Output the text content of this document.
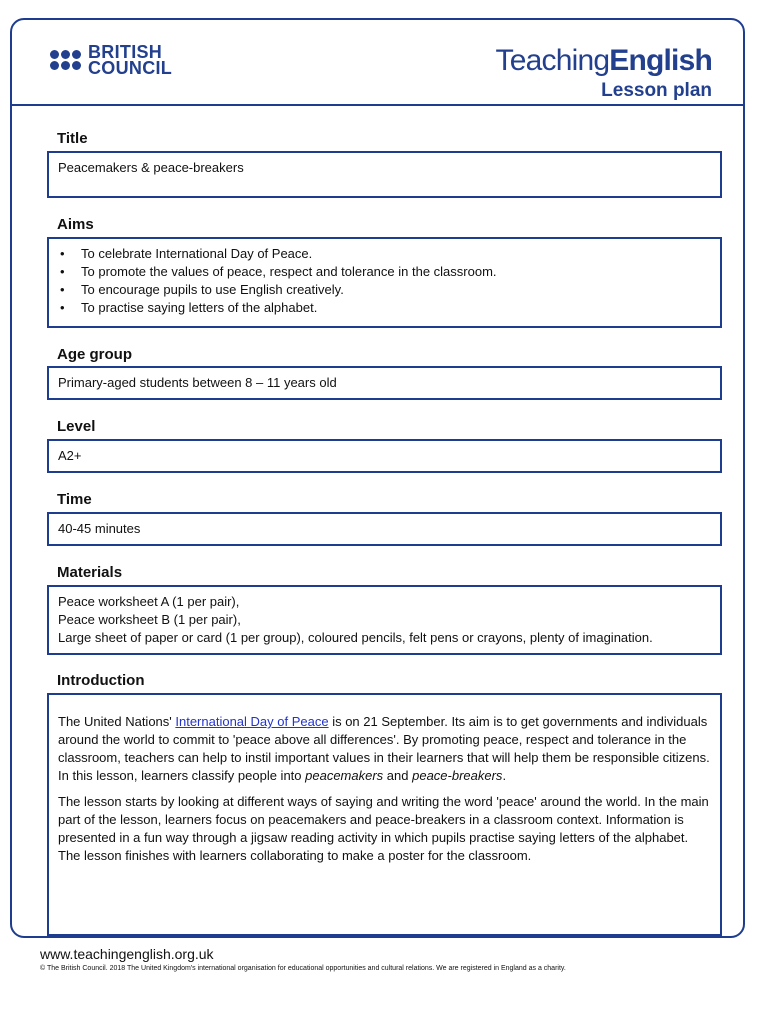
BRITISH
COUNCIL	TeachingEnglish
Lesson plan
Title
Peacemakers & peace-breakers
Aims
• To celebrate International Day of Peace.
• To promote the values of peace, respect and tolerance in the classroom.
• To encourage pupils to use English creatively.
• To practise saying letters of the alphabet.
Age group
Primary-aged students between 8 – 11 years old
Level
A2+
Time
40-45 minutes
Materials
Peace worksheet A (1 per pair),
Peace worksheet B (1 per pair),
Large sheet of paper or card (1 per group), coloured pencils, felt pens or crayons, plenty of imagination.
Introduction

The United Nations' International Day of Peace is on 21 September. Its aim is to get governments and individuals around the world to commit to 'peace above all differences'. By promoting peace, respect and tolerance in the classroom, teachers can help to instil important values in their learners that will help them be responsible citizens. In this lesson, learners classify people into peacemakers and peace-breakers.

The lesson starts by looking at different ways of saying and writing the word 'peace' around the world. In the main part of the lesson, learners focus on peacemakers and peace-breakers in a classroom context. Information is presented in a fun way through a jigsaw reading activity in which pupils practise saying letters of the alphabet. The lesson finishes with learners collaborating to make a poster for the classroom.

www.teachingenglish.org.uk
© The British Council. 2018 The United Kingdom's international organisation for educational opportunities and cultural relations. We are registered in England as a charity.
